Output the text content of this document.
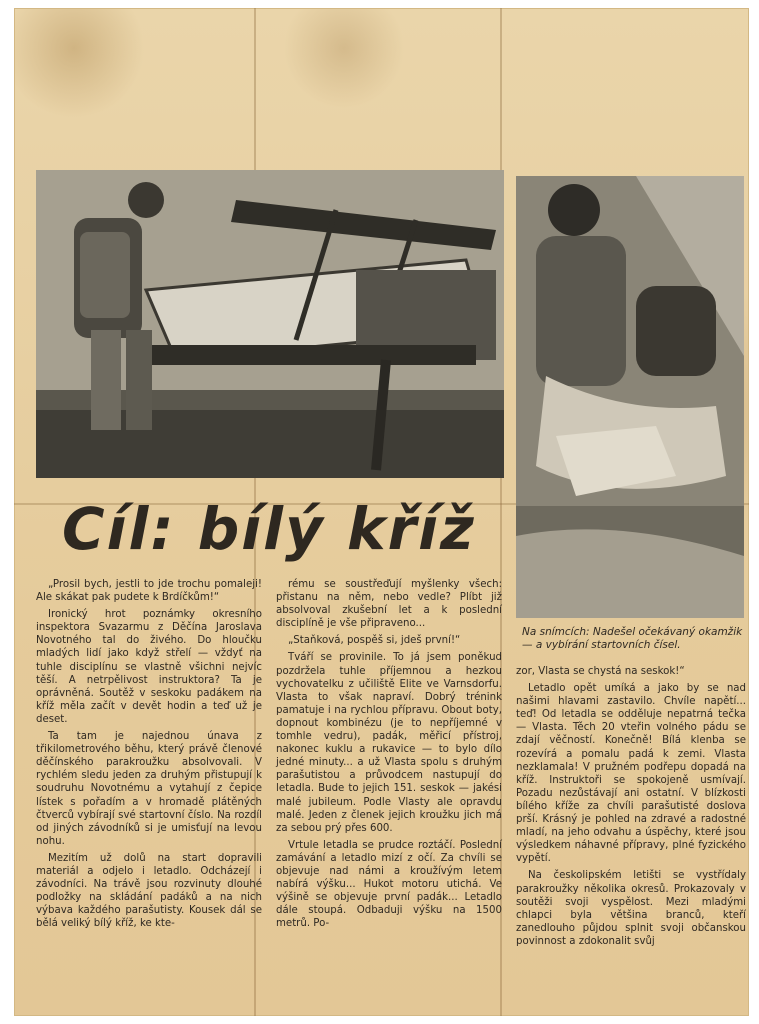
Cíl: bílý kříž
Na snímcích: Nadešel očekávaný okamžik — a vybírání startovních čísel.

„Prosil bych, jestli to jde trochu pomaleji! Ale skákat pak pudete k Brdíčkům!“

Ironický hrot poznámky okresního inspektora Svazarmu z Děčína Jaroslava Novotného tal do živého. Do hloučku mladých lidí jako když střelí — vždyť na tuhle disciplínu se vlastně všichni nejvíc těší. A netrpělivost instruktora? Ta je oprávněná. Soutěž v seskoku padákem na kříž měla začít v devět hodin a teď už je deset.

Ta tam je najednou únava z třikilometrového běhu, který právě členové děčínského parakroužku absolvovali. V rychlém sledu jeden za druhým přistupují k soudruhu Novotnému a vytahují z čepice lístek s pořadím a v hromadě plátěných čtverců vybírají své startovní číslo. Na rozdíl od jiných závodníků si je umisťují na levou nohu.

Mezitím už dolů na start dopravili materiál a odjelo i letadlo. Odcházejí i závodníci. Na trávě jsou rozvinuty dlouhé podložky na skládání padáků a na nich výbava každého parašutisty. Kousek dál se bělá veliký bílý kříž, ke kte-

rému se soustřeďují myšlenky všech: přistanu na něm, nebo vedle? Plíbt již absolvoval zkušební let a k poslední disciplíně je vše připraveno...

„Staňková, pospěš si, jdeš první!“

Tváří se provinile. To já jsem poněkud pozdržela tuhle příjemnou a hezkou vychovatelku z učiliště Elite ve Varnsdorfu. Vlasta to však napraví. Dobrý trénink pamatuje i na rychlou přípravu. Obout boty, dopnout kombinézu (je to nepříjemné v tomhle vedru), padák, měřicí přístroj, nakonec kuklu a rukavice — to bylo dílo jedné minuty... a už Vlasta spolu s druhým parašutistou a průvodcem nastupují do letadla. Bude to jejich 151. seskok — jakési malé jubileum. Podle Vlasty ale opravdu malé. Jeden z členek jejich kroužku jich má za sebou prý přes 600.

Vrtule letadla se prudce roztáčí. Poslední zamávání a letadlo mizí z očí. Za chvíli se objevuje nad námi a kroužívým letem nabírá výšku... Hukot motoru utichá. Ve výšině se objevuje první padák... Letadlo dále stoupá. Odbaduji výšku na 1500 metrů. Po-

zor, Vlasta se chystá na seskok!“

Letadlo opět umíká a jako by se nad našimi hlavami zastavilo. Chvíle napětí... teď! Od letadla se odděluje nepatrná tečka — Vlasta. Těch 20 vteřin volného pádu se zdají věčností. Konečně! Bílá klenba se rozevírá a pomalu padá k zemi. Vlasta nezklamala! V pružném podřepu dopadá na kříž. Instruktoři se spokojeně usmívají. Pozadu nezůstávají ani ostatní. V blízkosti bílého kříže za chvíli parašutisté doslova prší. Krásný je pohled na zdravé a radostné mladí, na jeho odvahu a úspěchy, které jsou výsledkem náhavné přípravy, plné fyzického vypětí.

Na českolipském letišti se vystřídaly parakroužky několika okresů. Prokazovaly v soutěži svoji vyspělost. Mezi mladými chlapci byla většina branců, kteří zanedlouho půjdou splnit svoji občanskou povinnost a zdokonalit svůj
